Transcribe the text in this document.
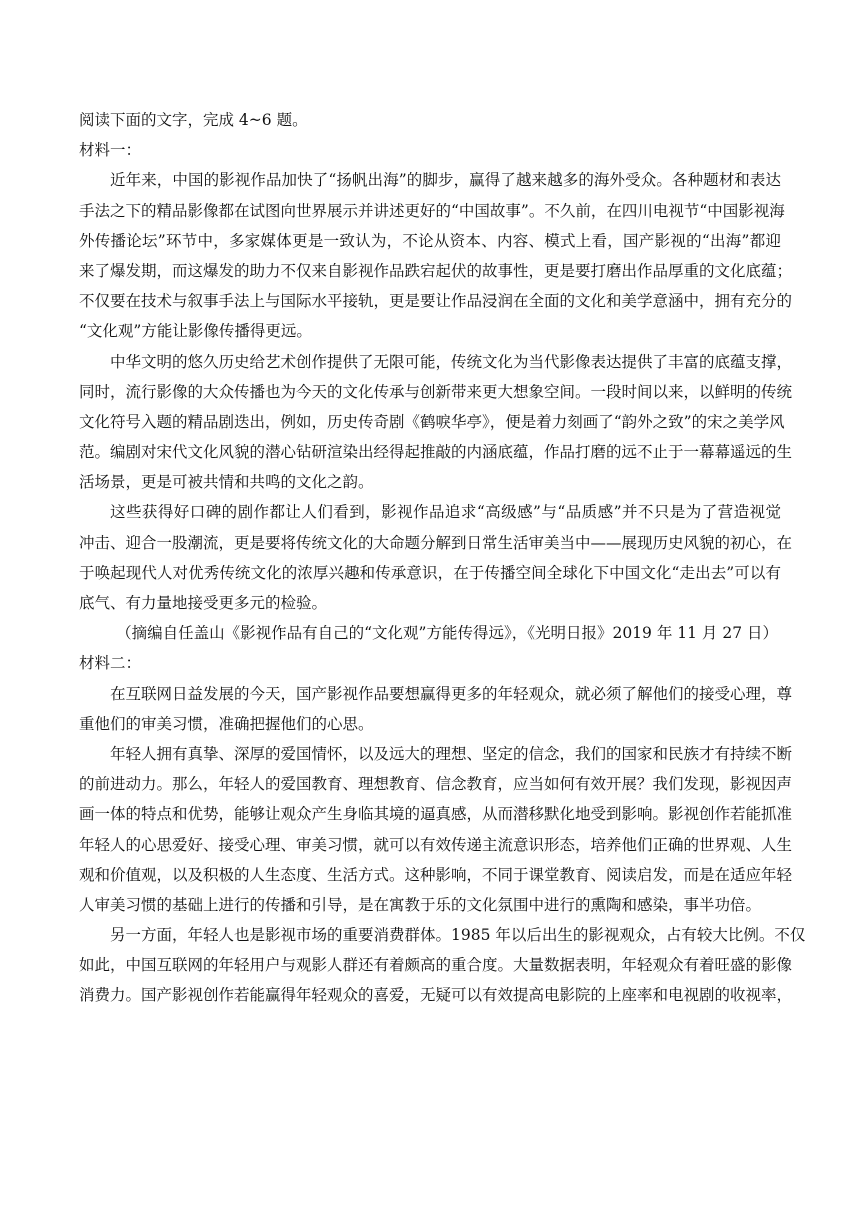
阅读下面的文字，完成 4~6 题。
材料一：
近年来，中国的影视作品加快了“扬帆出海”的脚步，赢得了越来越多的海外受众。各种题材和表达
手法之下的精品影像都在试图向世界展示并讲述更好的“中国故事”。不久前，在四川电视节“中国影视海
外传播论坛”环节中，多家媒体更是一致认为，不论从资本、内容、模式上看，国产影视的“出海”都迎
来了爆发期，而这爆发的助力不仅来自影视作品跌宕起伏的故事性，更是要打磨出作品厚重的文化底蕴；
不仅要在技术与叙事手法上与国际水平接轨，更是要让作品浸润在全面的文化和美学意涵中，拥有充分的
“文化观”方能让影像传播得更远。
中华文明的悠久历史给艺术创作提供了无限可能，传统文化为当代影像表达提供了丰富的底蕴支撑，
同时，流行影像的大众传播也为今天的文化传承与创新带来更大想象空间。一段时间以来，以鲜明的传统
文化符号入题的精品剧迭出，例如，历史传奇剧《鹤唳华亭》，便是着力刻画了“韵外之致”的宋之美学风
范。编剧对宋代文化风貌的潜心钻研渲染出经得起推敲的内涵底蕴，作品打磨的远不止于一幕幕遥远的生
活场景，更是可被共情和共鸣的文化之韵。
这些获得好口碑的剧作都让人们看到，影视作品追求“高级感”与“品质感”并不只是为了营造视觉
冲击、迎合一股潮流，更是要将传统文化的大命题分解到日常生活审美当中——展现历史风貌的初心，在
于唤起现代人对优秀传统文化的浓厚兴趣和传承意识，在于传播空间全球化下中国文化“走出去”可以有
底气、有力量地接受更多元的检验。
（摘编自任盖山《影视作品有自己的“文化观”方能传得远》，《光明日报》2019 年 11 月 27 日）
材料二：
在互联网日益发展的今天，国产影视作品要想赢得更多的年轻观众，就必须了解他们的接受心理，尊
重他们的审美习惯，准确把握他们的心思。
年轻人拥有真挚、深厚的爱国情怀，以及远大的理想、坚定的信念，我们的国家和民族才有持续不断
的前进动力。那么，年轻人的爱国教育、理想教育、信念教育，应当如何有效开展？我们发现，影视因声
画一体的特点和优势，能够让观众产生身临其境的逼真感，从而潜移默化地受到影响。影视创作若能抓准
年轻人的心思爱好、接受心理、审美习惯，就可以有效传递主流意识形态，培养他们正确的世界观、人生
观和价值观，以及积极的人生态度、生活方式。这种影响，不同于课堂教育、阅读启发，而是在适应年轻
人审美习惯的基础上进行的传播和引导，是在寓教于乐的文化氛围中进行的熏陶和感染，事半功倍。
另一方面，年轻人也是影视市场的重要消费群体。1985 年以后出生的影视观众，占有较大比例。不仅
如此，中国互联网的年轻用户与观影人群还有着颇高的重合度。大量数据表明，年轻观众有着旺盛的影像
消费力。国产影视创作若能赢得年轻观众的喜爱，无疑可以有效提高电影院的上座率和电视剧的收视率，
